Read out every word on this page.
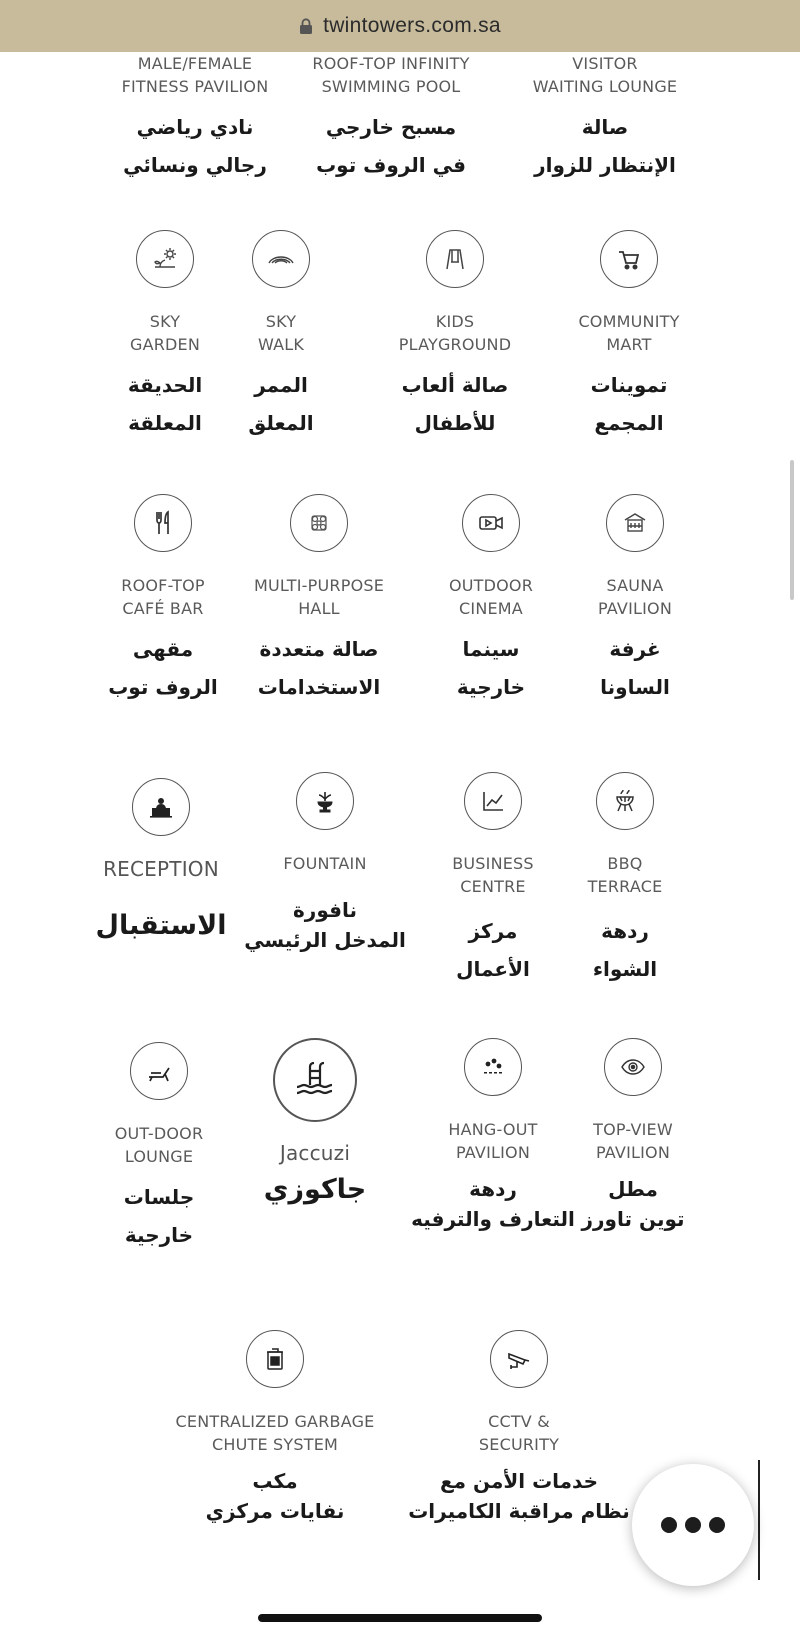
twintowers.com.sa
MALE/FEMALE
FITNESS PAVILION
نادي رياضي
رجالي ونسائي
ROOF-TOP INFINITY
SWIMMING POOL
مسبح خارجي
في الروف توب
VISITOR
WAITING LOUNGE
صالة
الإنتظار للزوار
SKY
GARDEN
الحديقة
المعلقة
SKY
WALK
الممر
المعلق
KIDS
PLAYGROUND
صالة ألعاب
للأطفال
COMMUNITY
MART
تموينات
المجمع
ROOF-TOP
CAFÉ BAR
مقهى
الروف توب
MULTI-PURPOSE
HALL
صالة متعددة
الاستخدامات
OUTDOOR
CINEMA
سينما
خارجية
SAUNA
PAVILION
غرفة
الساونا
RECEPTION
الاستقبال
FOUNTAIN
نافورة
المدخل الرئيسي
BUSINESS
CENTRE
مركز
الأعمال
BBQ
TERRACE
ردهة
الشواء
OUT-DOOR
LOUNGE
جلسات
خارجية
Jaccuzi
جاكوزي
HANG-OUT
PAVILION
ردهة
التعارف والترفيه
TOP-VIEW
PAVILION
مطل
توين تاورز
CENTRALIZED GARBAGE
CHUTE SYSTEM
مكب
نفايات مركزي
CCTV &
SECURITY
خدمات الأمن مع
نظام مراقبة الكاميرات
